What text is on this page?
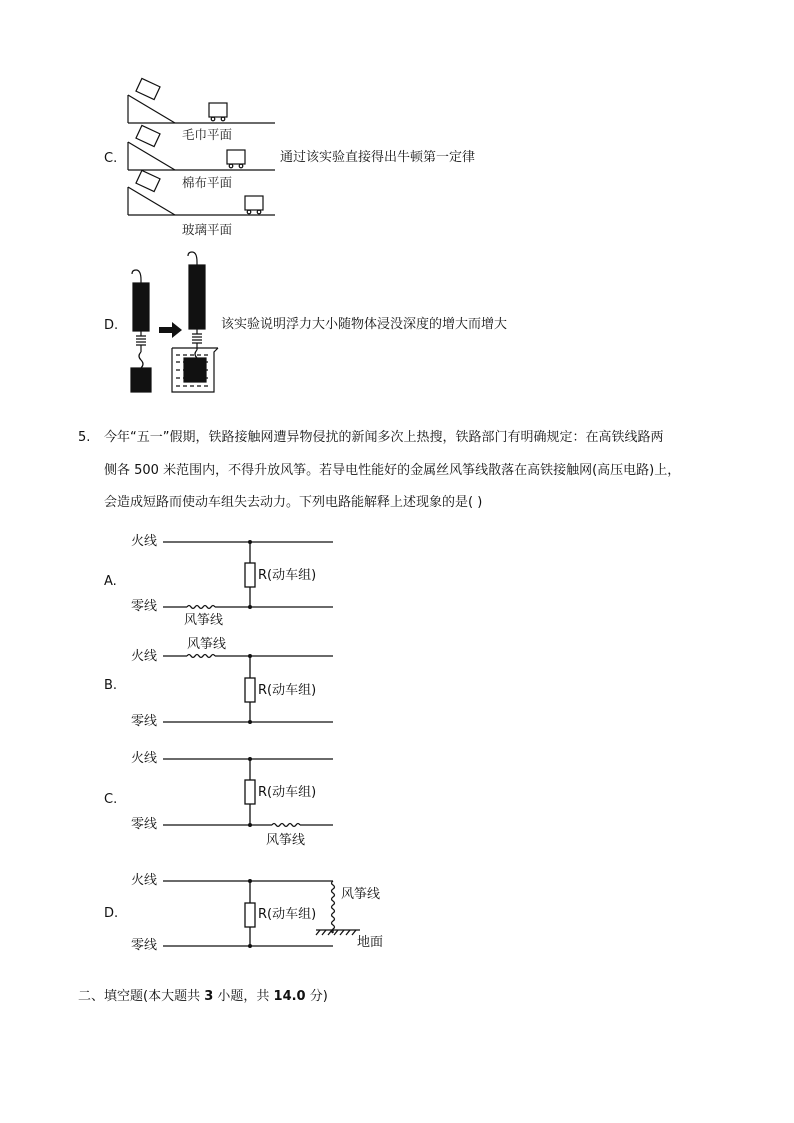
毛巾平面
棉布平面
玻璃平面
C.	通过该实验直接得出牛顿第一定律
D.	该实验说明浮力大小随物体浸没深度的增大而增大
5. 今年“五一”假期，铁路接触网遭异物侵扰的新闻多次上热搜，铁路部门有明确规定：在高铁线路两
侧各 500 米范围内，不得升放风筝。若导电性能好的金属丝风筝线散落在高铁接触网(高压电路)上，
会造成短路而使动车组失去动力。下列电路能解释上述现象的是( )
火线
零线
R(动车组)
风筝线
A.
风筝线
火线
零线
R(动车组)
B.
火线
零线
R(动车组)
风筝线
C.
火线
零线
R(动车组)
风筝线
地面
D.
二、填空题(本大题共 3 小题，共 14.0 分)
